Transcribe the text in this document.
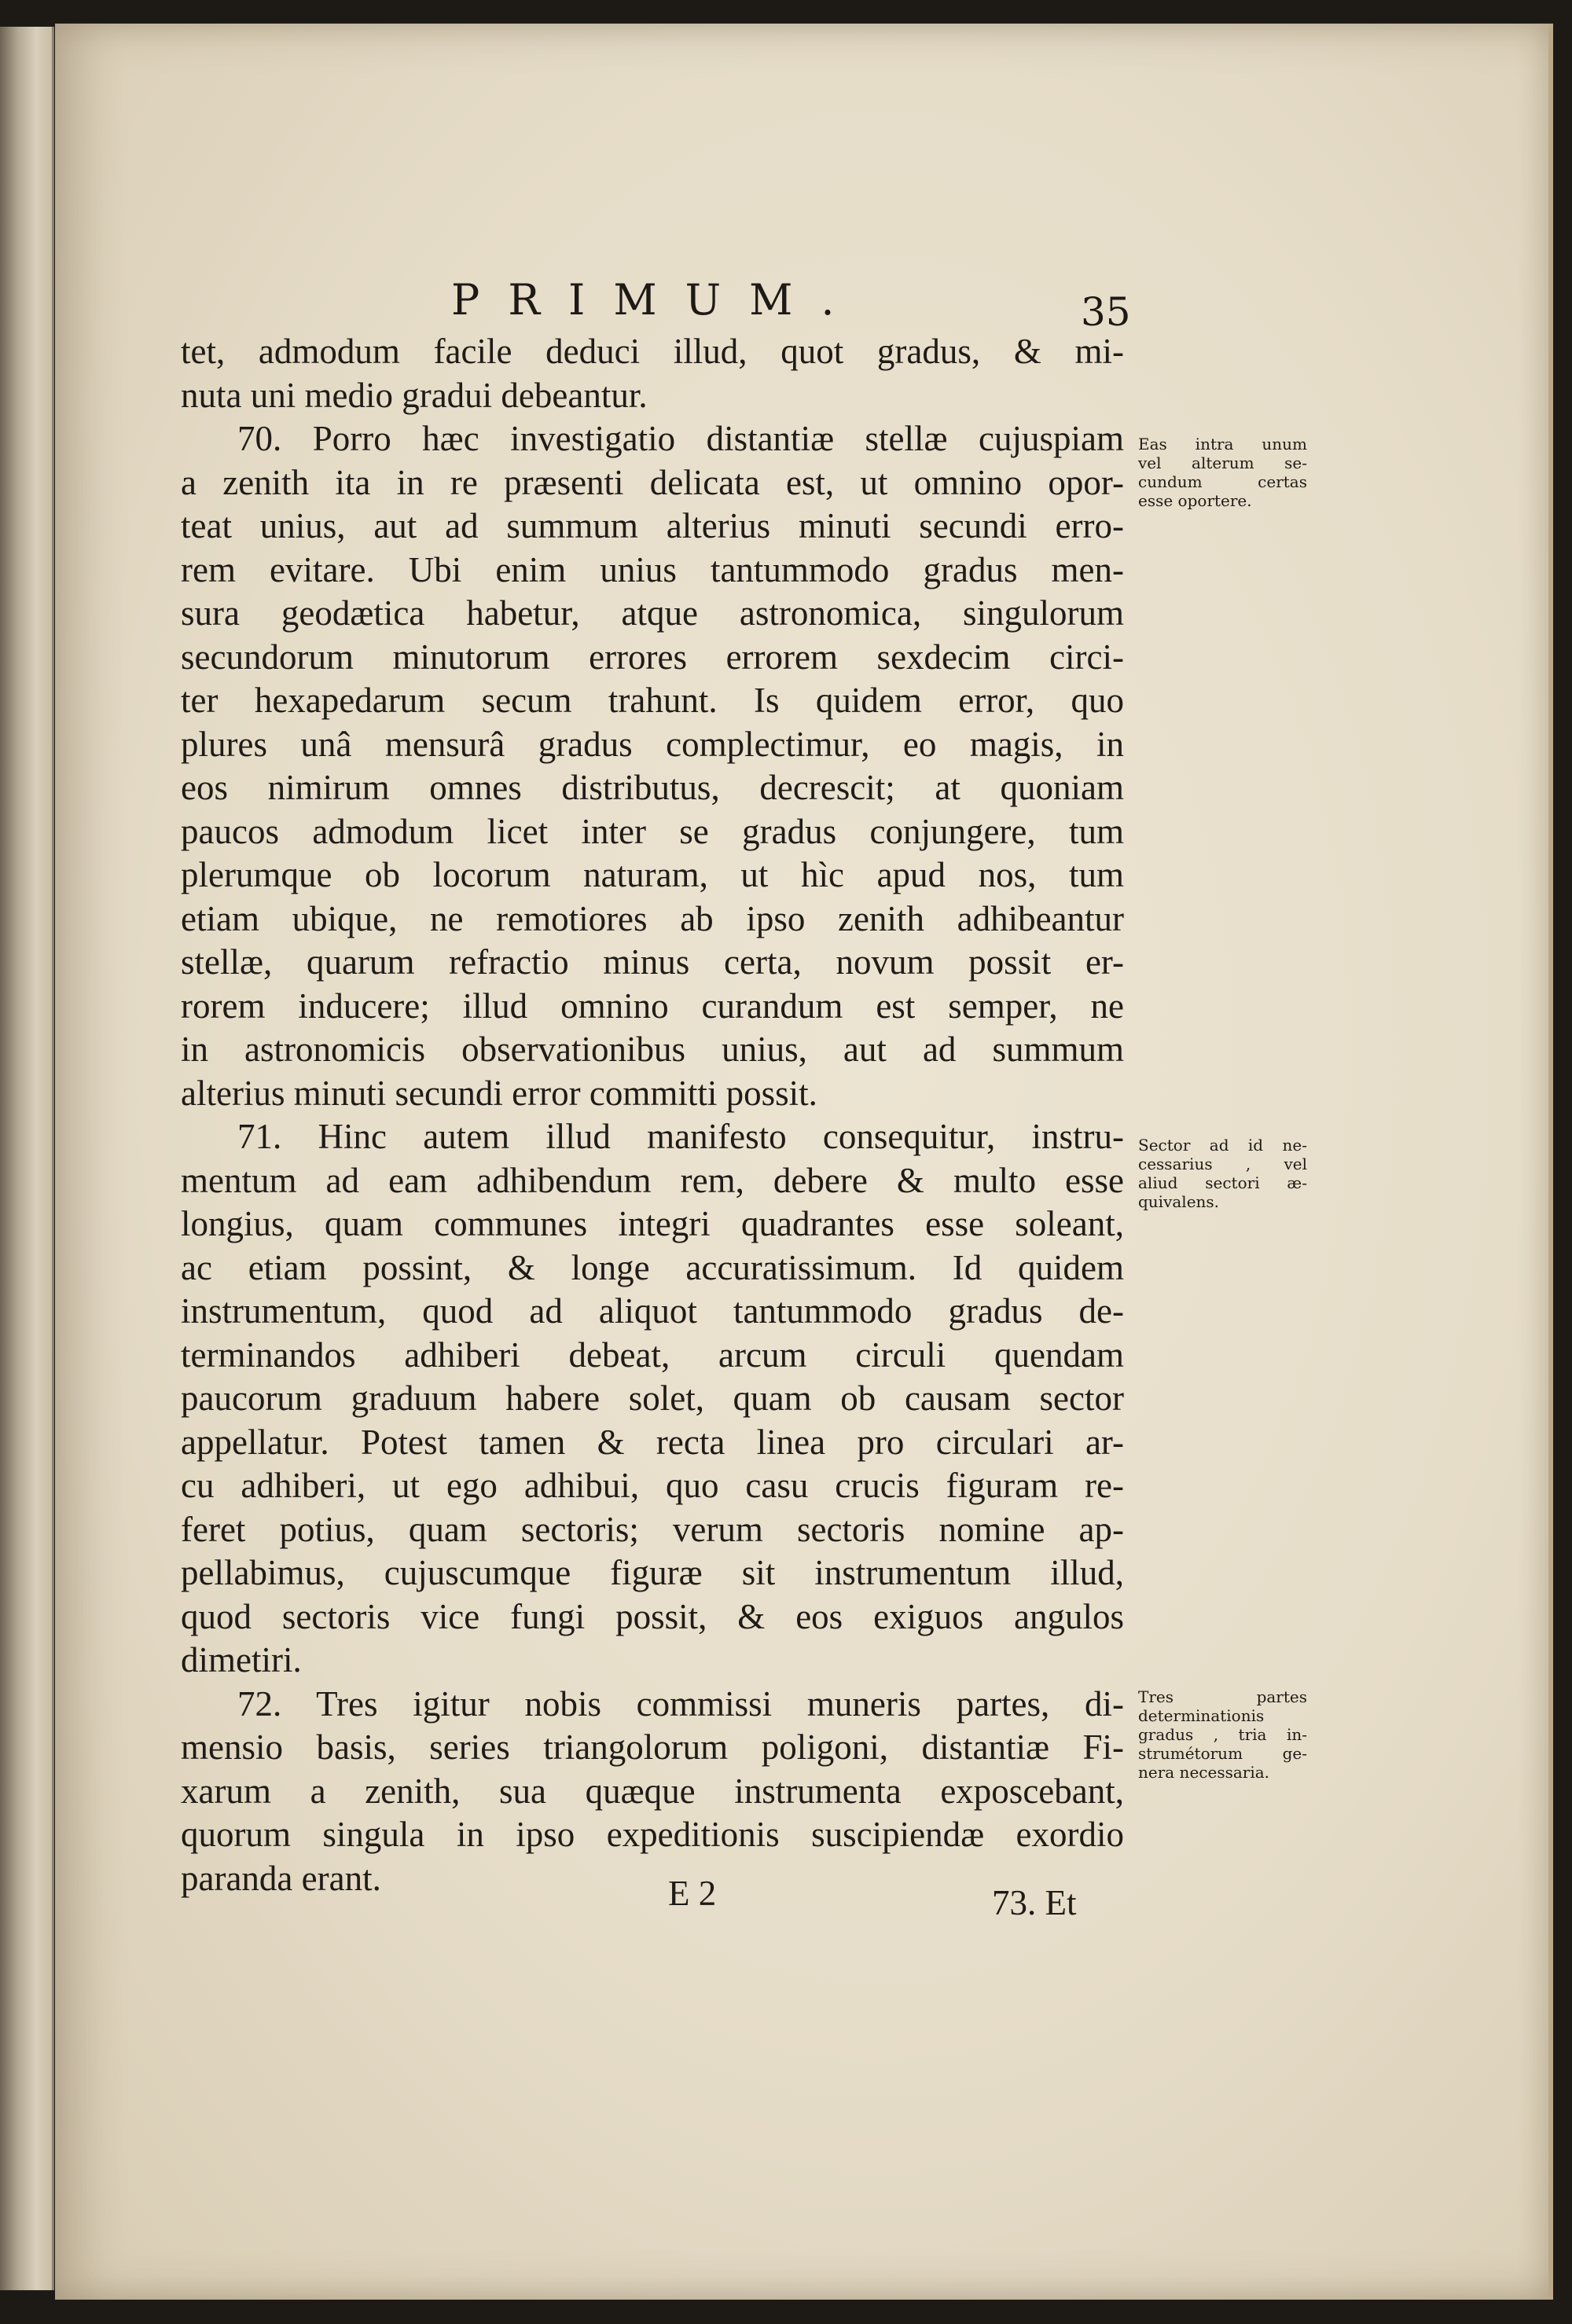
PRIMUM.	35
tet, admodum facile deduci illud, quot gradus, & mi-
nuta uni medio gradui debeantur.
70. Porro hæc investigatio distantiæ stellæ cujuspiam
a zenith ita in re præsenti delicata est, ut omnino opor-
teat unius, aut ad summum alterius minuti secundi erro-
rem evitare. Ubi enim unius tantummodo gradus men-
sura geodætica habetur, atque astronomica, singulorum
secundorum minutorum errores errorem sexdecim circi-
ter hexapedarum secum trahunt. Is quidem error, quo
plures unâ mensurâ gradus complectimur, eo magis, in
eos nimirum omnes distributus, decrescit; at quoniam
paucos admodum licet inter se gradus conjungere, tum
plerumque ob locorum naturam, ut hìc apud nos, tum
etiam ubique, ne remotiores ab ipso zenith adhibeantur
stellæ, quarum refractio minus certa, novum possit er-
rorem inducere; illud omnino curandum est semper, ne
in astronomicis observationibus unius, aut ad summum
alterius minuti secundi error committi possit.
71. Hinc autem illud manifesto consequitur, instru-
mentum ad eam adhibendum rem, debere & multo esse
longius, quam communes integri quadrantes esse soleant,
ac etiam possint, & longe accuratissimum. Id quidem
instrumentum, quod ad aliquot tantummodo gradus de-
terminandos adhiberi debeat, arcum circuli quendam
paucorum graduum habere solet, quam ob causam sector
appellatur. Potest tamen & recta linea pro circulari ar-
cu adhiberi, ut ego adhibui, quo casu crucis figuram re-
feret potius, quam sectoris; verum sectoris nomine ap-
pellabimus, cujuscumque figuræ sit instrumentum illud,
quod sectoris vice fungi possit, & eos exiguos angulos
dimetiri.
72. Tres igitur nobis commissi muneris partes, di-
mensio basis, series triangolorum poligoni, distantiæ Fi-
xarum a zenith, sua quæque instrumenta exposcebant,
quorum singula in ipso expeditionis suscipiendæ exordio
paranda erant.
Eas intra unum
vel alterum se-
cundum certas
esse oportere.
Sector ad id ne-
cessarius , vel
aliud sectori æ-
quivalens.
Tres partes
determinationis
gradus , tria in-
strumétorum ge-
nera necessaria.
E 2	73. Et
